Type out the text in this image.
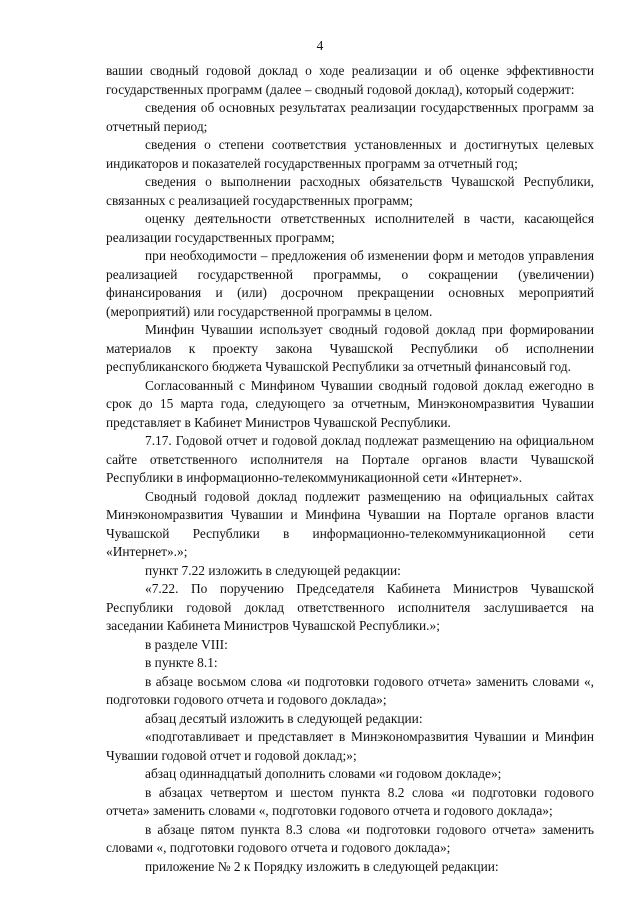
4

вашии сводный годовой доклад о ходе реализации и об оценке эффективности государственных программ (далее – сводный годовой доклад), который содержит:

сведения об основных результатах реализации государственных программ за отчетный период;

сведения о степени соответствия установленных и достигнутых целевых индикаторов и показателей государственных программ за отчетный год;

сведения о выполнении расходных обязательств Чувашской Республики, связанных с реализацией государственных программ;

оценку деятельности ответственных исполнителей в части, касающейся реализации государственных программ;

при необходимости – предложения об изменении форм и методов управления реализацией государственной программы, о сокращении (увеличении) финансирования и (или) досрочном прекращении основных мероприятий (мероприятий) или государственной программы в целом.

Минфин Чувашии использует сводный годовой доклад при формировании материалов к проекту закона Чувашской Республики об исполнении республиканского бюджета Чувашской Республики за отчетный финансовый год.

Согласованный с Минфином Чувашии сводный годовой доклад ежегодно в срок до 15 марта года, следующего за отчетным, Минэкономразвития Чувашии представляет в Кабинет Министров Чувашской Республики.

7.17. Годовой отчет и годовой доклад подлежат размещению на официальном сайте ответственного исполнителя на Портале органов власти Чувашской Республики в информационно-телекоммуникационной сети «Интернет».

Сводный годовой доклад подлежит размещению на официальных сайтах Минэкономразвития Чувашии и Минфина Чувашии на Портале органов власти Чувашской Республики в информационно-телекоммуникационной сети «Интернет».»;

пункт 7.22 изложить в следующей редакции:

«7.22. По поручению Председателя Кабинета Министров Чувашской Республики годовой доклад ответственного исполнителя заслушивается на заседании Кабинета Министров Чувашской Республики.»;

в разделе VIII:

в пункте 8.1:

в абзаце восьмом слова «и подготовки годового отчета» заменить словами «, подготовки годового отчета и годового доклада»;

абзац десятый изложить в следующей редакции:

«подготавливает и представляет в Минэкономразвития Чувашии и Минфин Чувашии годовой отчет и годовой доклад;»;

абзац одиннадцатый дополнить словами «и годовом докладе»;

в абзацах четвертом и шестом пункта 8.2 слова «и подготовки годового отчета» заменить словами «, подготовки годового отчета и годового доклада»;

в абзаце пятом пункта 8.3 слова «и подготовки годового отчета» заменить словами «, подготовки годового отчета и годового доклада»;

приложение № 2 к Порядку изложить в следующей редакции:
